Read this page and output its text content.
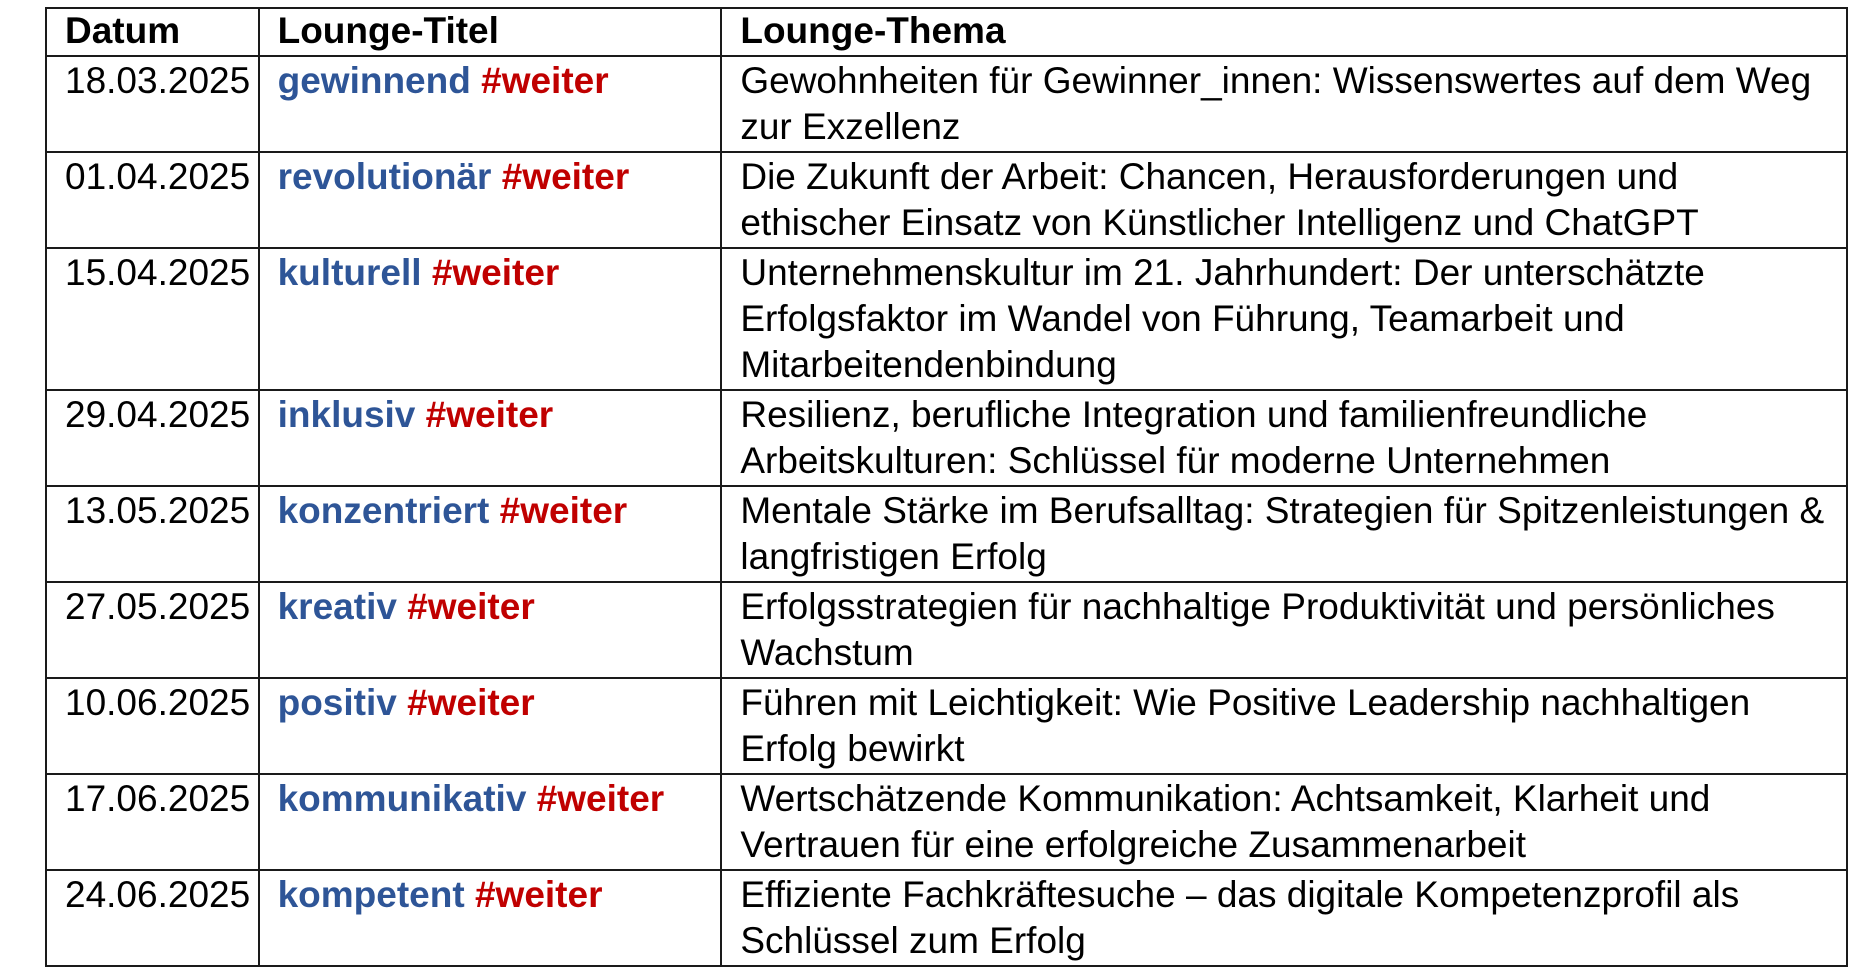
Datum	Lounge-Titel	Lounge-Thema
18.03.2025	gewinnend #weiter	Gewohnheiten für Gewinner_innen: Wissenswertes auf dem Weg zur Exzellenz
01.04.2025	revolutionär #weiter	Die Zukunft der Arbeit: Chancen, Herausforderungen und ethischer Einsatz von Künstlicher Intelligenz und ChatGPT
15.04.2025	kulturell #weiter	Unternehmenskultur im 21. Jahrhundert: Der unterschätzte Erfolgsfaktor im Wandel von Führung, Teamarbeit und Mitarbeitendenbindung
29.04.2025	inklusiv #weiter	Resilienz, berufliche Integration und familienfreundliche Arbeitskulturen: Schlüssel für moderne Unternehmen
13.05.2025	konzentriert #weiter	Mentale Stärke im Berufsalltag: Strategien für Spitzenleistungen & langfristigen Erfolg
27.05.2025	kreativ #weiter	Erfolgsstrategien für nachhaltige Produktivität und persönliches Wachstum
10.06.2025	positiv #weiter	Führen mit Leichtigkeit: Wie Positive Leadership nachhaltigen Erfolg bewirkt
17.06.2025	kommunikativ #weiter	Wertschätzende Kommunikation: Achtsamkeit, Klarheit und Vertrauen für eine erfolgreiche Zusammenarbeit
24.06.2025	kompetent #weiter	Effiziente Fachkräftesuche – das digitale Kompetenzprofil als Schlüssel zum Erfolg
